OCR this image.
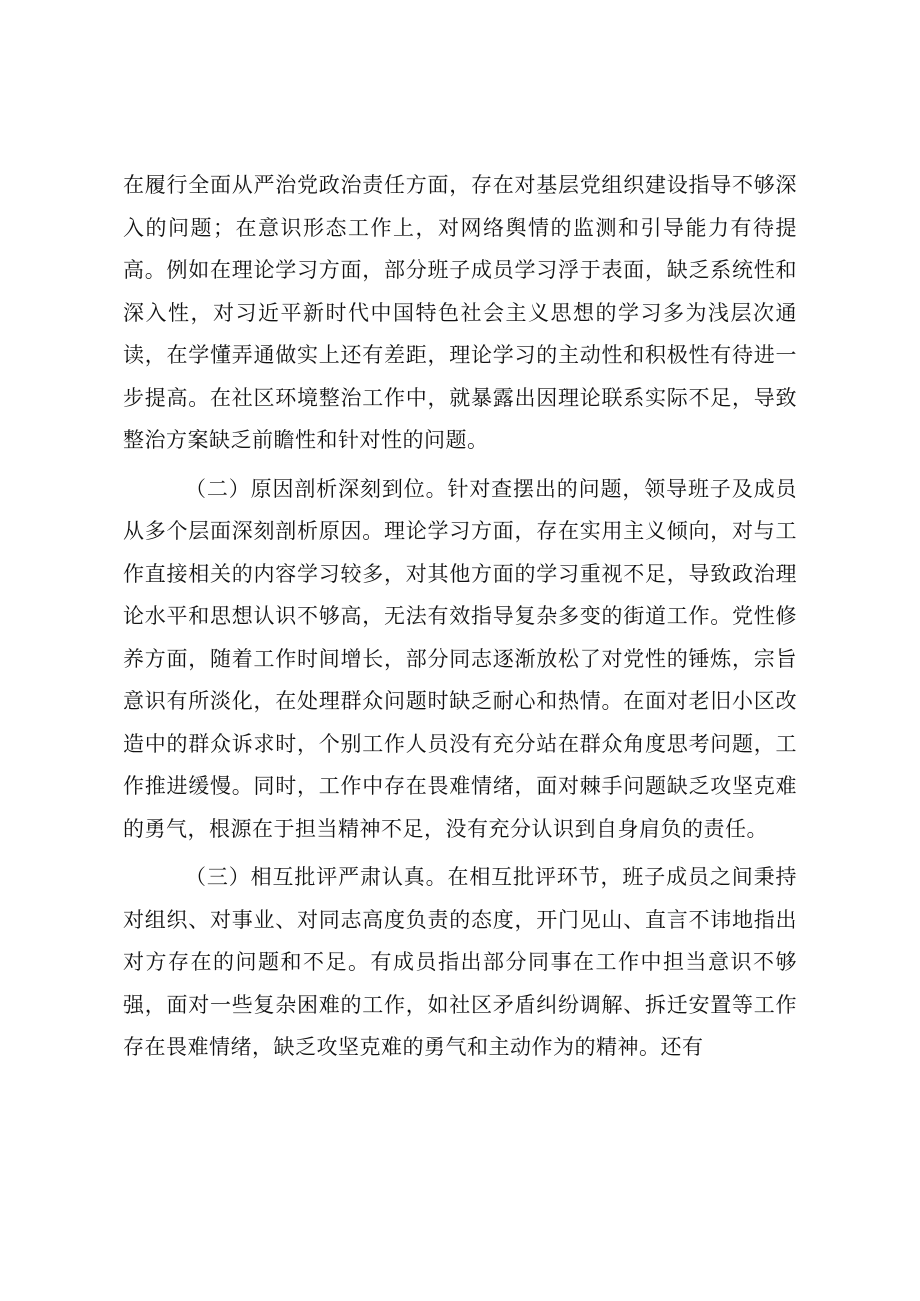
在履行全面从严治党政治责任方面，存在对基层党组织建设指导不够深入的问题；在意识形态工作上，对网络舆情的监测和引导能力有待提高。例如在理论学习方面，部分班子成员学习浮于表面，缺乏系统性和深入性，对习近平新时代中国特色社会主义思想的学习多为浅层次通读，在学懂弄通做实上还有差距，理论学习的主动性和积极性有待进一步提高。在社区环境整治工作中，就暴露出因理论联系实际不足，导致整治方案缺乏前瞻性和针对性的问题。

（二）原因剖析深刻到位。针对查摆出的问题，领导班子及成员从多个层面深刻剖析原因。理论学习方面，存在实用主义倾向，对与工作直接相关的内容学习较多，对其他方面的学习重视不足，导致政治理论水平和思想认识不够高，无法有效指导复杂多变的街道工作。党性修养方面，随着工作时间增长，部分同志逐渐放松了对党性的锤炼，宗旨意识有所淡化，在处理群众问题时缺乏耐心和热情。在面对老旧小区改造中的群众诉求时，个别工作人员没有充分站在群众角度思考问题，工作推进缓慢。同时，工作中存在畏难情绪，面对棘手问题缺乏攻坚克难的勇气，根源在于担当精神不足，没有充分认识到自身肩负的责任。

（三）相互批评严肃认真。在相互批评环节，班子成员之间秉持对组织、对事业、对同志高度负责的态度，开门见山、直言不讳地指出对方存在的问题和不足。有成员指出部分同事在工作中担当意识不够强，面对一些复杂困难的工作，如社区矛盾纠纷调解、拆迁安置等工作存在畏难情绪，缺乏攻坚克难的勇气和主动作为的精神。还有
